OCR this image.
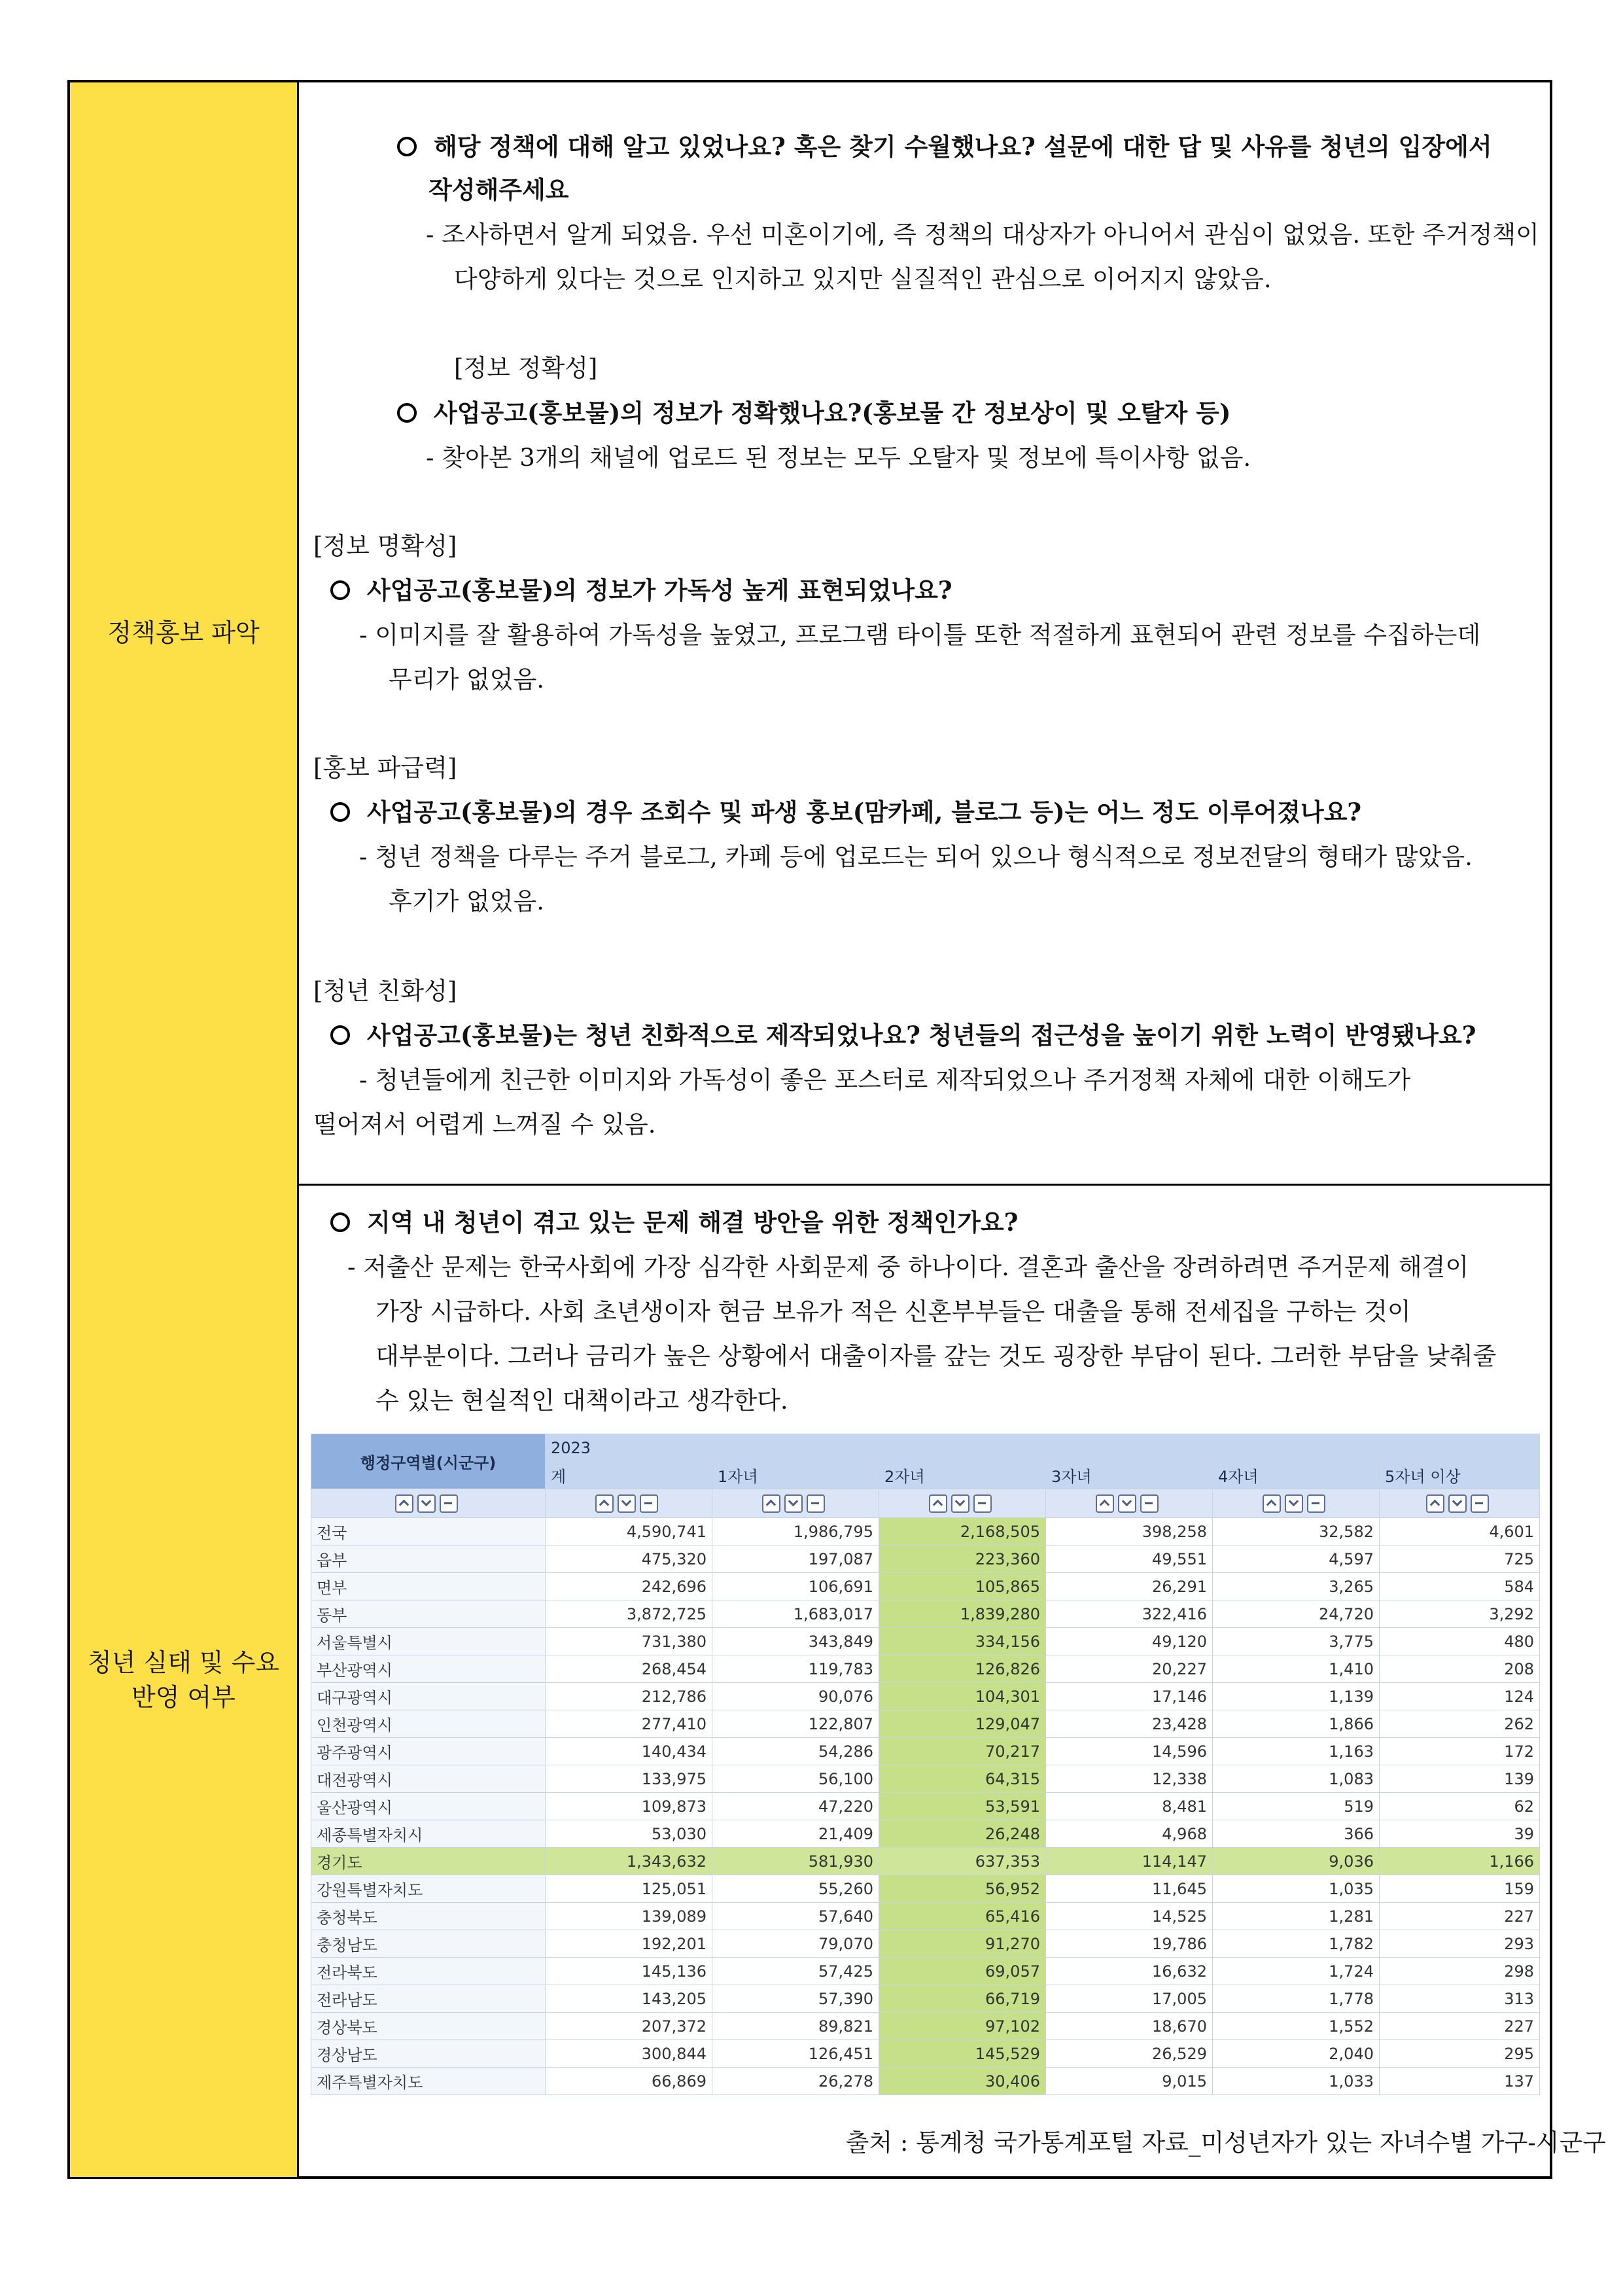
정책홍보 파악
청년 실태 및 수요
반영 여부
해당 정책에 대해 알고 있었나요? 혹은 찾기 수월했나요? 설문에 대한 답 및 사유를 청년의 입장에서
작성해주세요
- 조사하면서 알게 되었음. 우선 미혼이기에, 즉 정책의 대상자가 아니어서 관심이 없었음. 또한 주거정책이
다양하게 있다는 것으로 인지하고 있지만 실질적인 관심으로 이어지지 않았음.
[정보 정확성]
사업공고(홍보물)의 정보가 정확했나요?(홍보물 간 정보상이 및 오탈자 등)
- 찾아본 3개의 채널에 업로드 된 정보는 모두 오탈자 및 정보에 특이사항 없음.
[정보 명확성]
사업공고(홍보물)의 정보가 가독성 높게 표현되었나요?
- 이미지를 잘 활용하여 가독성을 높였고, 프로그램 타이틀 또한 적절하게 표현되어 관련 정보를 수집하는데
무리가 없었음.
[홍보 파급력]
사업공고(홍보물)의 경우 조회수 및 파생 홍보(맘카페, 블로그 등)는 어느 정도 이루어졌나요?
- 청년 정책을 다루는 주거 블로그, 카페 등에 업로드는 되어 있으나 형식적으로 정보전달의 형태가 많았음.
후기가 없었음.
[청년 친화성]
사업공고(홍보물)는 청년 친화적으로 제작되었나요? 청년들의 접근성을 높이기 위한 노력이 반영됐나요?
- 청년들에게 친근한 이미지와 가독성이 좋은 포스터로 제작되었으나 주거정책 자체에 대한 이해도가
떨어져서 어렵게 느껴질 수 있음.
지역 내 청년이 겪고 있는 문제 해결 방안을 위한 정책인가요?
- 저출산 문제는 한국사회에 가장 심각한 사회문제 중 하나이다. 결혼과 출산을 장려하려면 주거문제 해결이
가장 시급하다. 사회 초년생이자 현금 보유가 적은 신혼부부들은 대출을 통해 전세집을 구하는 것이
대부분이다. 그러나 금리가 높은 상황에서 대출이자를 갚는 것도 굉장한 부담이 된다. 그러한 부담을 낮춰줄
수 있는 현실적인 대책이라고 생각한다.
행정구역별(시군구)	2023					
	계	1자녀	2자녀	3자녀	4자녀	5자녀 이상

전국	4,590,741	1,986,795	2,168,505	398,258	32,582	4,601
읍부	475,320	197,087	223,360	49,551	4,597	725
면부	242,696	106,691	105,865	26,291	3,265	584
동부	3,872,725	1,683,017	1,839,280	322,416	24,720	3,292
서울특별시	731,380	343,849	334,156	49,120	3,775	480
부산광역시	268,454	119,783	126,826	20,227	1,410	208
대구광역시	212,786	90,076	104,301	17,146	1,139	124
인천광역시	277,410	122,807	129,047	23,428	1,866	262
광주광역시	140,434	54,286	70,217	14,596	1,163	172
대전광역시	133,975	56,100	64,315	12,338	1,083	139
울산광역시	109,873	47,220	53,591	8,481	519	62
세종특별자치시	53,030	21,409	26,248	4,968	366	39
경기도	1,343,632	581,930	637,353	114,147	9,036	1,166
강원특별자치도	125,051	55,260	56,952	11,645	1,035	159
충청북도	139,089	57,640	65,416	14,525	1,281	227
충청남도	192,201	79,070	91,270	19,786	1,782	293
전라북도	145,136	57,425	69,057	16,632	1,724	298
전라남도	143,205	57,390	66,719	17,005	1,778	313
경상북도	207,372	89,821	97,102	18,670	1,552	227
경상남도	300,844	126,451	145,529	26,529	2,040	295
제주특별자치도	66,869	26,278	30,406	9,015	1,033	137
출처 : 통계청 국가통계포털 자료_미성년자가 있는 자녀수별 가구-시군구
